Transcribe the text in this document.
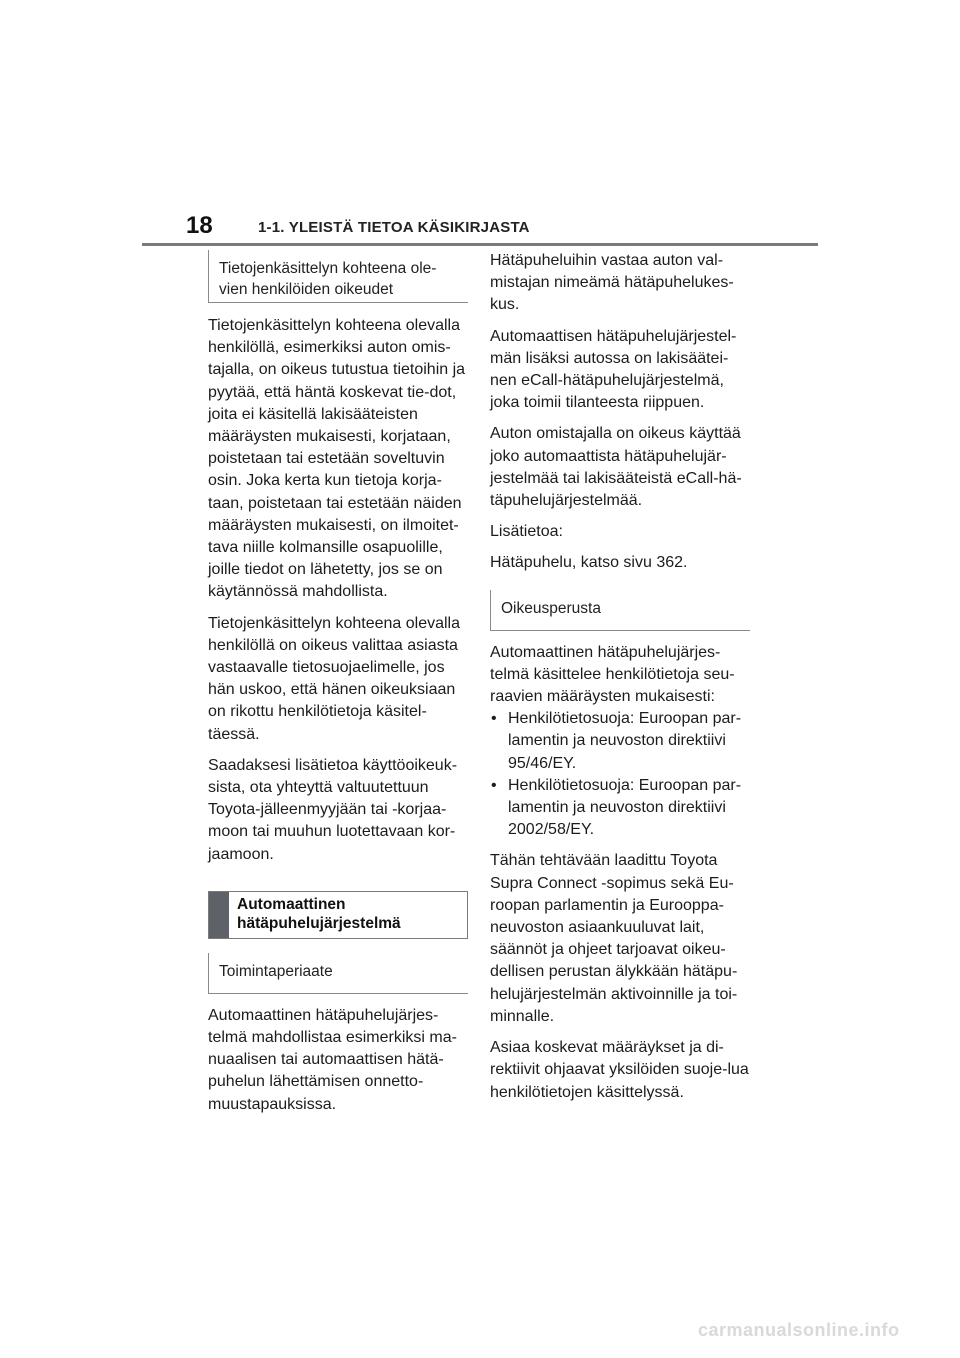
18	1-1. YLEISTÄ TIETOA KÄSIKIRJASTA
Tietojenkäsittelyn kohteena ole-
vien henkilöiden oikeudet

Tietojenkäsittelyn kohteena olevalla henkilöllä, esimerkiksi auton omis-tajalla, on oikeus tutustua tietoihin ja pyytää, että häntä koskevat tie-dot, joita ei käsitellä lakisääteisten määräysten mukaisesti, korjataan, poistetaan tai estetään soveltuvin osin. Joka kerta kun tietoja korja-taan, poistetaan tai estetään näiden määräysten mukaisesti, on ilmoitet-tava niille kolmansille osapuolille, joille tiedot on lähetetty, jos se on käytännössä mahdollista.

Tietojenkäsittelyn kohteena olevalla henkilöllä on oikeus valittaa asiasta vastaavalle tietosuojaelimelle, jos hän uskoo, että hänen oikeuksiaan on rikottu henkilötietoja käsitel-täessä.

Saadaksesi lisätietoa käyttöoikeuk-sista, ota yhteyttä valtuutettuun Toyota-jälleenmyyjään tai -korjaa-moon tai muuhun luotettavaan kor-jaamoon.

Automaattinen
hätäpuhelujärjestelmä
Toimintaperiaate

Automaattinen hätäpuhelujärjes-telmä mahdollistaa esimerkiksi ma-nuaalisen tai automaattisen hätä-puhelun lähettämisen onnetto-muustapauksissa.

Hätäpuheluihin vastaa auton val-mistajan nimeämä hätäpuhelukes-kus.

Automaattisen hätäpuhelujärjestel-män lisäksi autossa on lakisäätei-nen eCall-hätäpuhelujärjestelmä, joka toimii tilanteesta riippuen.

Auton omistajalla on oikeus käyttää joko automaattista hätäpuhelujär-jestelmää tai lakisääteistä eCall-hä-täpuhelujärjestelmää.

Lisätietoa:

Hätäpuhelu, katso sivu 362.

Oikeusperusta

Automaattinen hätäpuhelujärjes-telmä käsittelee henkilötietoja seu-raavien määräysten mukaisesti:

• Henkilötietosuoja: Euroopan par-lamentin ja neuvoston direktiivi 95/46/EY.
• Henkilötietosuoja: Euroopan par-lamentin ja neuvoston direktiivi 2002/58/EY.

Tähän tehtävään laadittu Toyota Supra Connect -sopimus sekä Eu-roopan parlamentin ja Eurooppa-neuvoston asiaankuuluvat lait, säännöt ja ohjeet tarjoavat oikeu-dellisen perustan älykkään hätäpu-helujärjestelmän aktivoinnille ja toi-minnalle.

Asiaa koskevat määräykset ja di-rektiivit ohjaavat yksilöiden suoje-lua henkilötietojen käsittelyssä.

carmanualsonline.info
